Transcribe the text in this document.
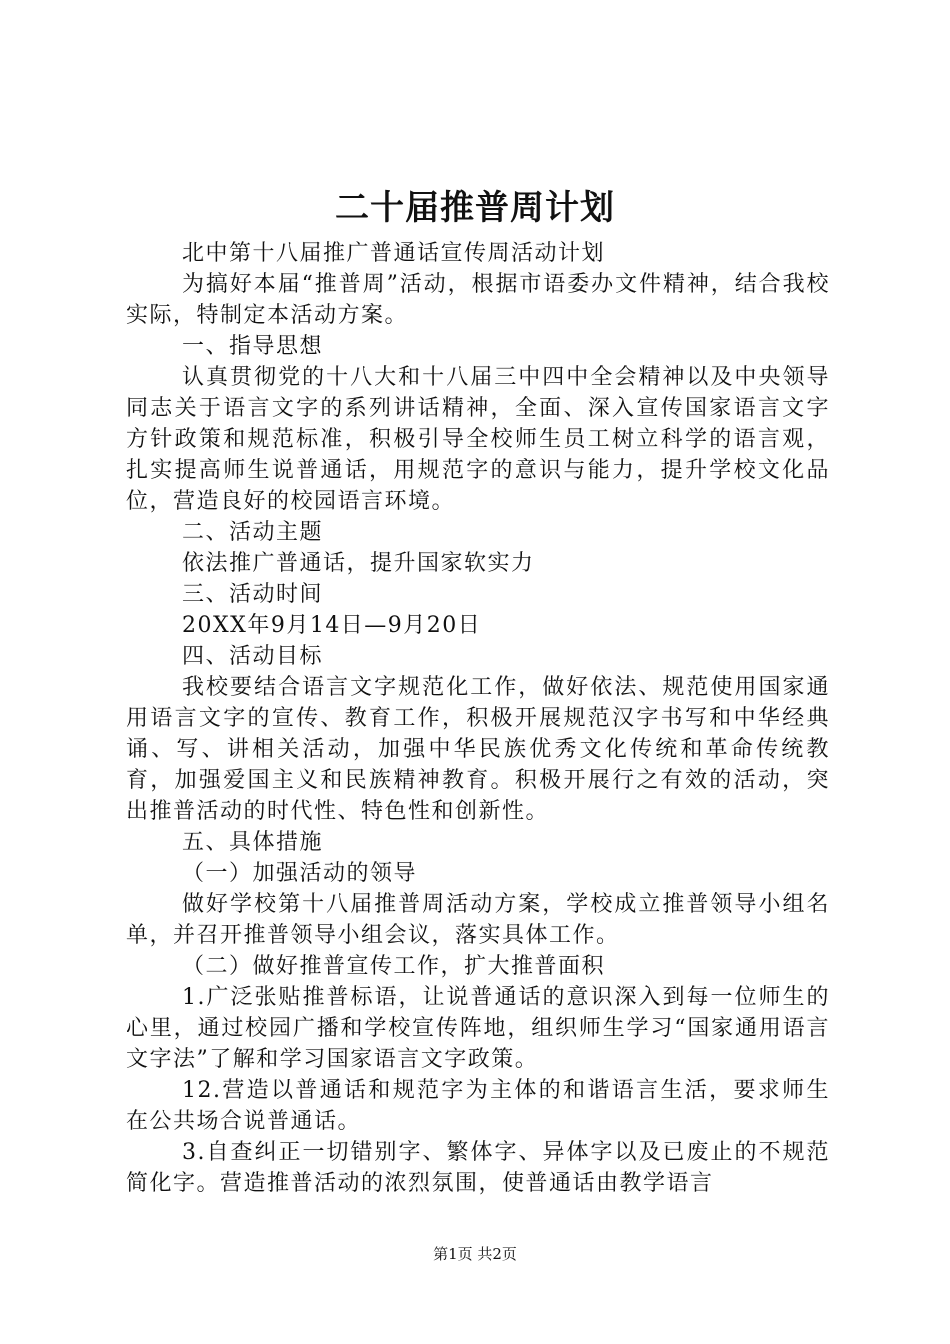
二十届推普周计划

北中第十八届推广普通话宣传周活动计划

为搞好本届“推普周”活动，根据市语委办文件精神，结合我校实际，特制定本活动方案。

一、指导思想

认真贯彻党的十八大和十八届三中四中全会精神以及中央领导同志关于语言文字的系列讲话精神，全面、深入宣传国家语言文字方针政策和规范标准，积极引导全校师生员工树立科学的语言观，扎实提高师生说普通话，用规范字的意识与能力，提升学校文化品位，营造良好的校园语言环境。

二、活动主题

依法推广普通话，提升国家软实力

三、活动时间

20XX年9月14日—9月20日

四、活动目标

我校要结合语言文字规范化工作，做好依法、规范使用国家通用语言文字的宣传、教育工作，积极开展规范汉字书写和中华经典诵、写、讲相关活动，加强中华民族优秀文化传统和革命传统教育，加强爱国主义和民族精神教育。积极开展行之有效的活动，突出推普活动的时代性、特色性和创新性。

五、具体措施

（一）加强活动的领导

做好学校第十八届推普周活动方案，学校成立推普领导小组名单，并召开推普领导小组会议，落实具体工作。

（二）做好推普宣传工作，扩大推普面积

1.广泛张贴推普标语，让说普通话的意识深入到每一位师生的心里，通过校园广播和学校宣传阵地，组织师生学习“国家通用语言文字法”了解和学习国家语言文字政策。

12.营造以普通话和规范字为主体的和谐语言生活，要求师生在公共场合说普通话。

3.自查纠正一切错别字、繁体字、异体字以及已废止的不规范简化字。营造推普活动的浓烈氛围，使普通话由教学语言

第1页 共2页
